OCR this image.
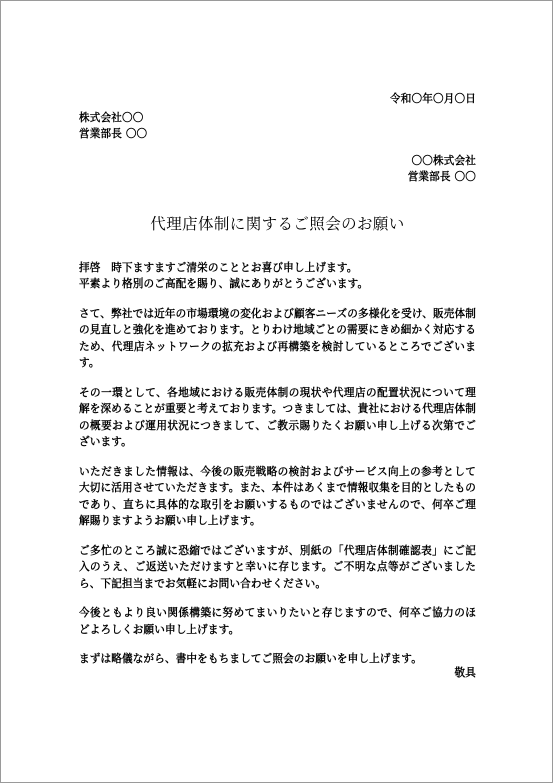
令和〇年〇月〇日
株式会社〇〇
営業部長 〇〇
〇〇株式会社
営業部長 〇〇
代理店体制に関するご照会のお願い
拝啓　時下ますますご清栄のこととお喜び申し上げます。
平素より格別のご高配を賜り、誠にありがとうございます。
さて、弊社では近年の市場環境の変化および顧客ニーズの多様化を受け、販売体制の見直しと強化を進めております。とりわけ地域ごとの需要にきめ細かく対応するため、代理店ネットワークの拡充および再構築を検討しているところでございます。
その一環として、各地域における販売体制の現状や代理店の配置状況について理解を深めることが重要と考えております。つきましては、貴社における代理店体制の概要および運用状況につきまして、ご教示賜りたくお願い申し上げる次第でございます。
いただきました情報は、今後の販売戦略の検討およびサービス向上の参考として大切に活用させていただきます。また、本件はあくまで情報収集を目的としたものであり、直ちに具体的な取引をお願いするものではございませんので、何卒ご理解賜りますようお願い申し上げます。
ご多忙のところ誠に恐縮ではございますが、別紙の「代理店体制確認表」にご記入のうえ、ご返送いただけますと幸いに存じます。ご不明な点等がございましたら、下記担当までお気軽にお問い合わせください。
今後ともより良い関係構築に努めてまいりたいと存じますので、何卒ご協力のほどよろしくお願い申し上げます。
まずは略儀ながら、書中をもちましてご照会のお願いを申し上げます。
敬具
